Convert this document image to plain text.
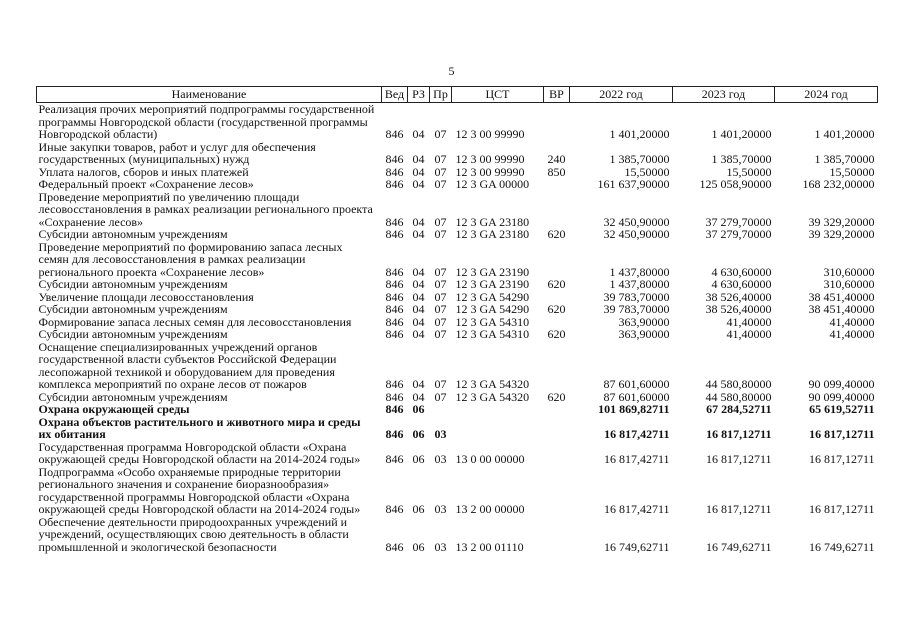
5
Наименование	Вед	РЗ	Пр	ЦСТ	ВР	2022 год	2023 год	2024 год
Реализация прочих мероприятий подпрограммы государственной программы Новгородской области (государственной программы Новгородской области)	846	04	07	12 3 00 99990		1 401,20000	1 401,20000	1 401,20000
Иные закупки товаров, работ и услуг для обеспечения государственных (муниципальных) нужд	846	04	07	12 3 00 99990	240	1 385,70000	1 385,70000	1 385,70000
Уплата налогов, сборов и иных платежей	846	04	07	12 3 00 99990	850	15,50000	15,50000	15,50000
Федеральный проект «Сохранение лесов»	846	04	07	12 3 GA 00000		161 637,90000	125 058,90000	168 232,00000
Проведение мероприятий по увеличению площади лесовосстановления в рамках реализации регионального проекта «Сохранение лесов»	846	04	07	12 3 GA 23180		32 450,90000	37 279,70000	39 329,20000
Субсидии автономным учреждениям	846	04	07	12 3 GA 23180	620	32 450,90000	37 279,70000	39 329,20000
Проведение мероприятий по формированию запаса лесных семян для лесовосстановления в рамках реализации регионального проекта «Сохранение лесов»	846	04	07	12 3 GA 23190		1 437,80000	4 630,60000	310,60000
Субсидии автономным учреждениям	846	04	07	12 3 GA 23190	620	1 437,80000	4 630,60000	310,60000
Увеличение площади лесовосстановления	846	04	07	12 3 GA 54290		39 783,70000	38 526,40000	38 451,40000
Субсидии автономным учреждениям	846	04	07	12 3 GA 54290	620	39 783,70000	38 526,40000	38 451,40000
Формирование запаса лесных семян для лесовосстановления	846	04	07	12 3 GA 54310		363,90000	41,40000	41,40000
Субсидии автономным учреждениям	846	04	07	12 3 GA 54310	620	363,90000	41,40000	41,40000
Оснащение специализированных учреждений органов государственной власти субъектов Российской Федерации лесопожарной техникой и оборудованием для проведения комплекса мероприятий по охране лесов от пожаров	846	04	07	12 3 GA 54320		87 601,60000	44 580,80000	90 099,40000
Субсидии автономным учреждениям	846	04	07	12 3 GA 54320	620	87 601,60000	44 580,80000	90 099,40000
Охрана окружающей среды	846	06				101 869,82711	67 284,52711	65 619,52711
Охрана объектов растительного и животного мира и среды их обитания	846	06	03			16 817,42711	16 817,12711	16 817,12711
Государственная программа Новгородской области «Охрана окружающей среды Новгородской области на 2014-2024 годы»	846	06	03	13 0 00 00000		16 817,42711	16 817,12711	16 817,12711
Подпрограмма «Особо охраняемые природные территории регионального значения и сохранение биоразнообразия» государственной программы Новгородской области «Охрана окружающей среды Новгородской области на 2014-2024 годы»	846	06	03	13 2 00 00000		16 817,42711	16 817,12711	16 817,12711
Обеспечение деятельности природоохранных учреждений и учреждений, осуществляющих свою деятельность в области промышленной и экологической безопасности	846	06	03	13 2 00 01110		16 749,62711	16 749,62711	16 749,62711
